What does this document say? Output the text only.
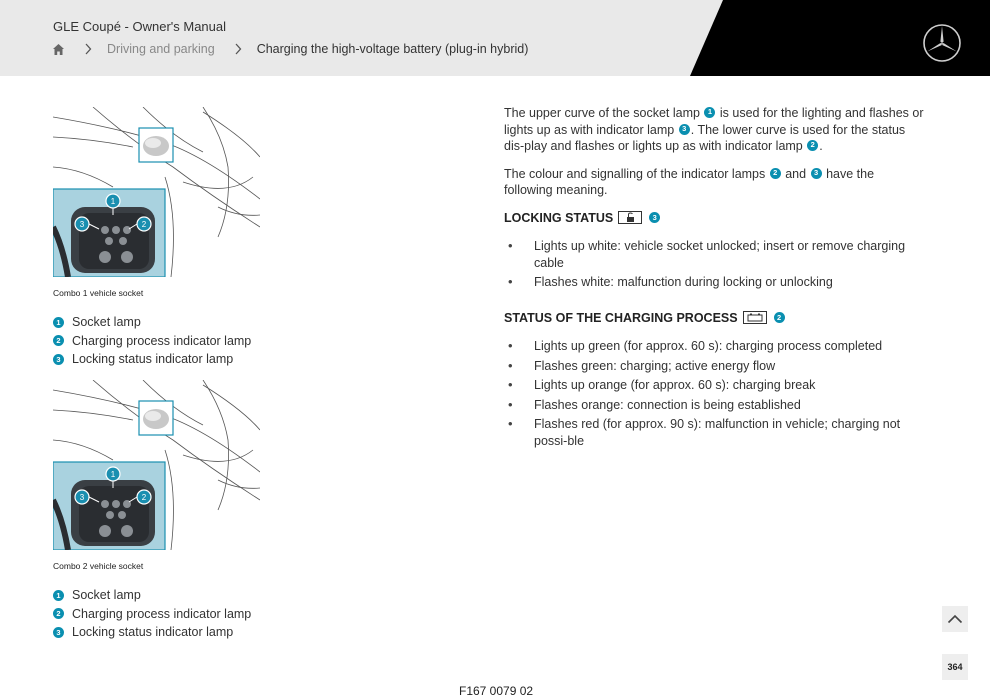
GLE Coupé - Owner's Manual
Driving and parking	Charging the high-voltage battery (plug-in hybrid)
1
2
3
Combo 1 vehicle socket
1 Socket lamp
2 Charging process indicator lamp
3 Locking status indicator lamp
1
2
3
Combo 2 vehicle socket
1 Socket lamp
2 Charging process indicator lamp
3 Locking status indicator lamp

The upper curve of the socket lamp 1 is used for the lighting and flashes or lights up as with indicator lamp 3 . The lower curve is used for the status dis-play and flashes or lights up as with indicator lamp 2 .

The colour and signalling of the indicator lamps 2 and 3 have the following meaning.

LOCKING STATUS	3
• Lights up white: vehicle socket unlocked; insert or remove charging cable
• Flashes white: malfunction during locking or unlocking
STATUS OF THE CHARGING PROCESS	2
• Lights up green (for approx. 60 s): charging process completed
• Flashes green: charging; active energy flow
• Lights up orange (for approx. 60 s): charging break
• Flashes orange: connection is being established
• Flashes red (for approx. 90 s): malfunction in vehicle; charging not possi-ble
F167 0079 02
364
